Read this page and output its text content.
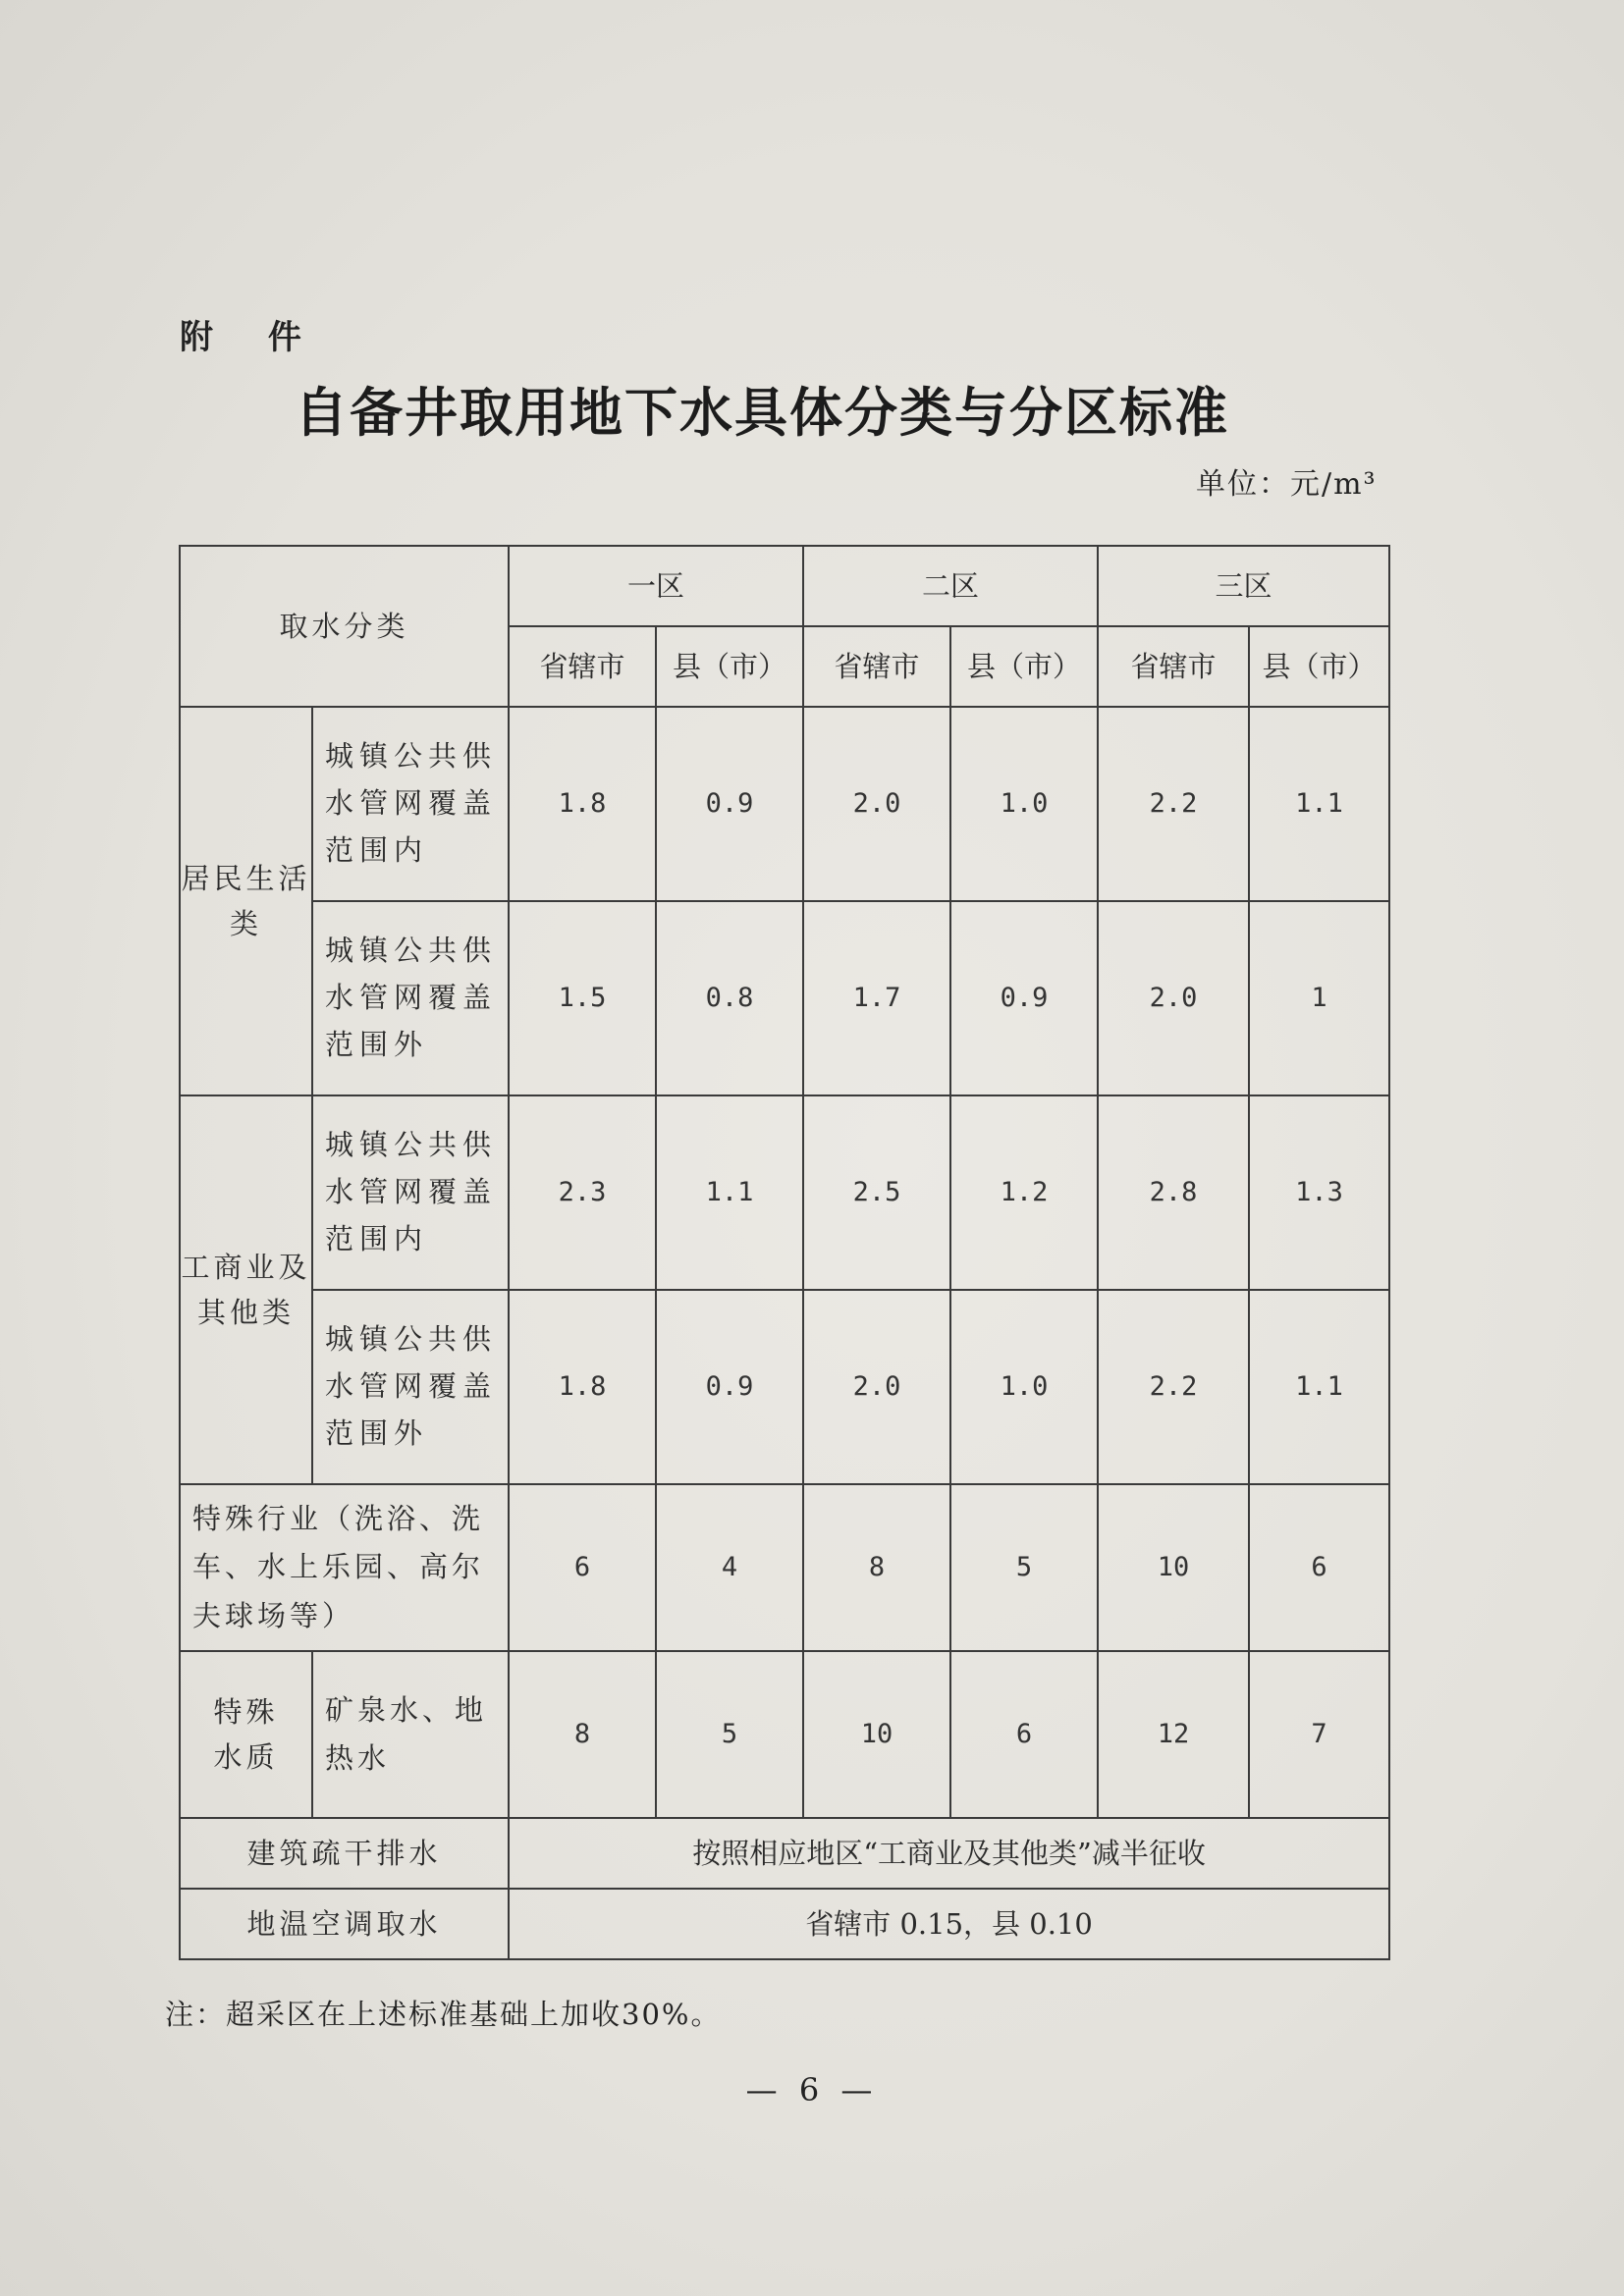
附 件
自备井取用地下水具体分类与分区标准
单位：元/m³
取水分类		一区		二区		三区	
		省辖市	县（市）	省辖市	县（市）	省辖市	县（市）
居民生活类	城镇公共供水管网覆盖范围内	1.8	0.9	2.0	1.0	2.2	1.1
	城镇公共供水管网覆盖范围外	1.5	0.8	1.7	0.9	2.0	1
工商业及其他类	城镇公共供水管网覆盖范围内	2.3	1.1	2.5	1.2	2.8	1.3
	城镇公共供水管网覆盖范围外	1.8	0.9	2.0	1.0	2.2	1.1
特殊行业（洗浴、洗车、水上乐园、高尔夫球场等）		6	4	8	5	10	6
特殊水质	矿泉水、地热水	8	5	10	6	12	7
建筑疏干排水		按照相应地区“工商业及其他类”减半征收					
地温空调取水		省辖市 0.15，县 0.10					
注：超采区在上述标准基础上加收30%。
— 6 —
